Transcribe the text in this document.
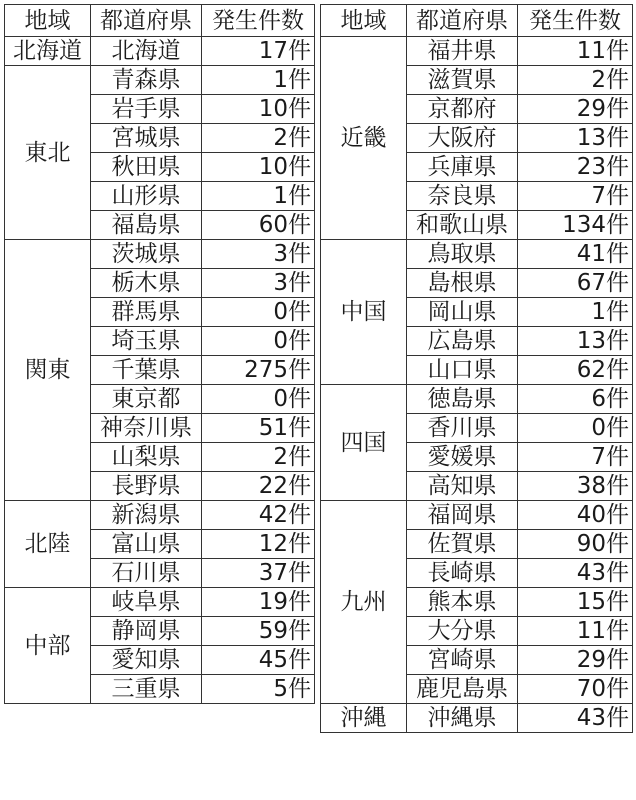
地域	都道府県	発生件数
北海道	北海道	17件
東北	青森県	1件
	岩手県	10件
	宮城県	2件
	秋田県	10件
	山形県	1件
	福島県	60件
関東	茨城県	3件
	栃木県	3件
	群馬県	0件
	埼玉県	0件
	千葉県	275件
	東京都	0件
	神奈川県	51件
	山梨県	2件
	長野県	22件
北陸	新潟県	42件
	富山県	12件
	石川県	37件
中部	岐阜県	19件
	静岡県	59件
	愛知県	45件
	三重県	5件
地域	都道府県	発生件数
近畿	福井県	11件
	滋賀県	2件
	京都府	29件
	大阪府	13件
	兵庫県	23件
	奈良県	7件
	和歌山県	134件
中国	鳥取県	41件
	島根県	67件
	岡山県	1件
	広島県	13件
	山口県	62件
四国	徳島県	6件
	香川県	0件
	愛媛県	7件
	高知県	38件
九州	福岡県	40件
	佐賀県	90件
	長崎県	43件
	熊本県	15件
	大分県	11件
	宮崎県	29件
	鹿児島県	70件
沖縄	沖縄県	43件
